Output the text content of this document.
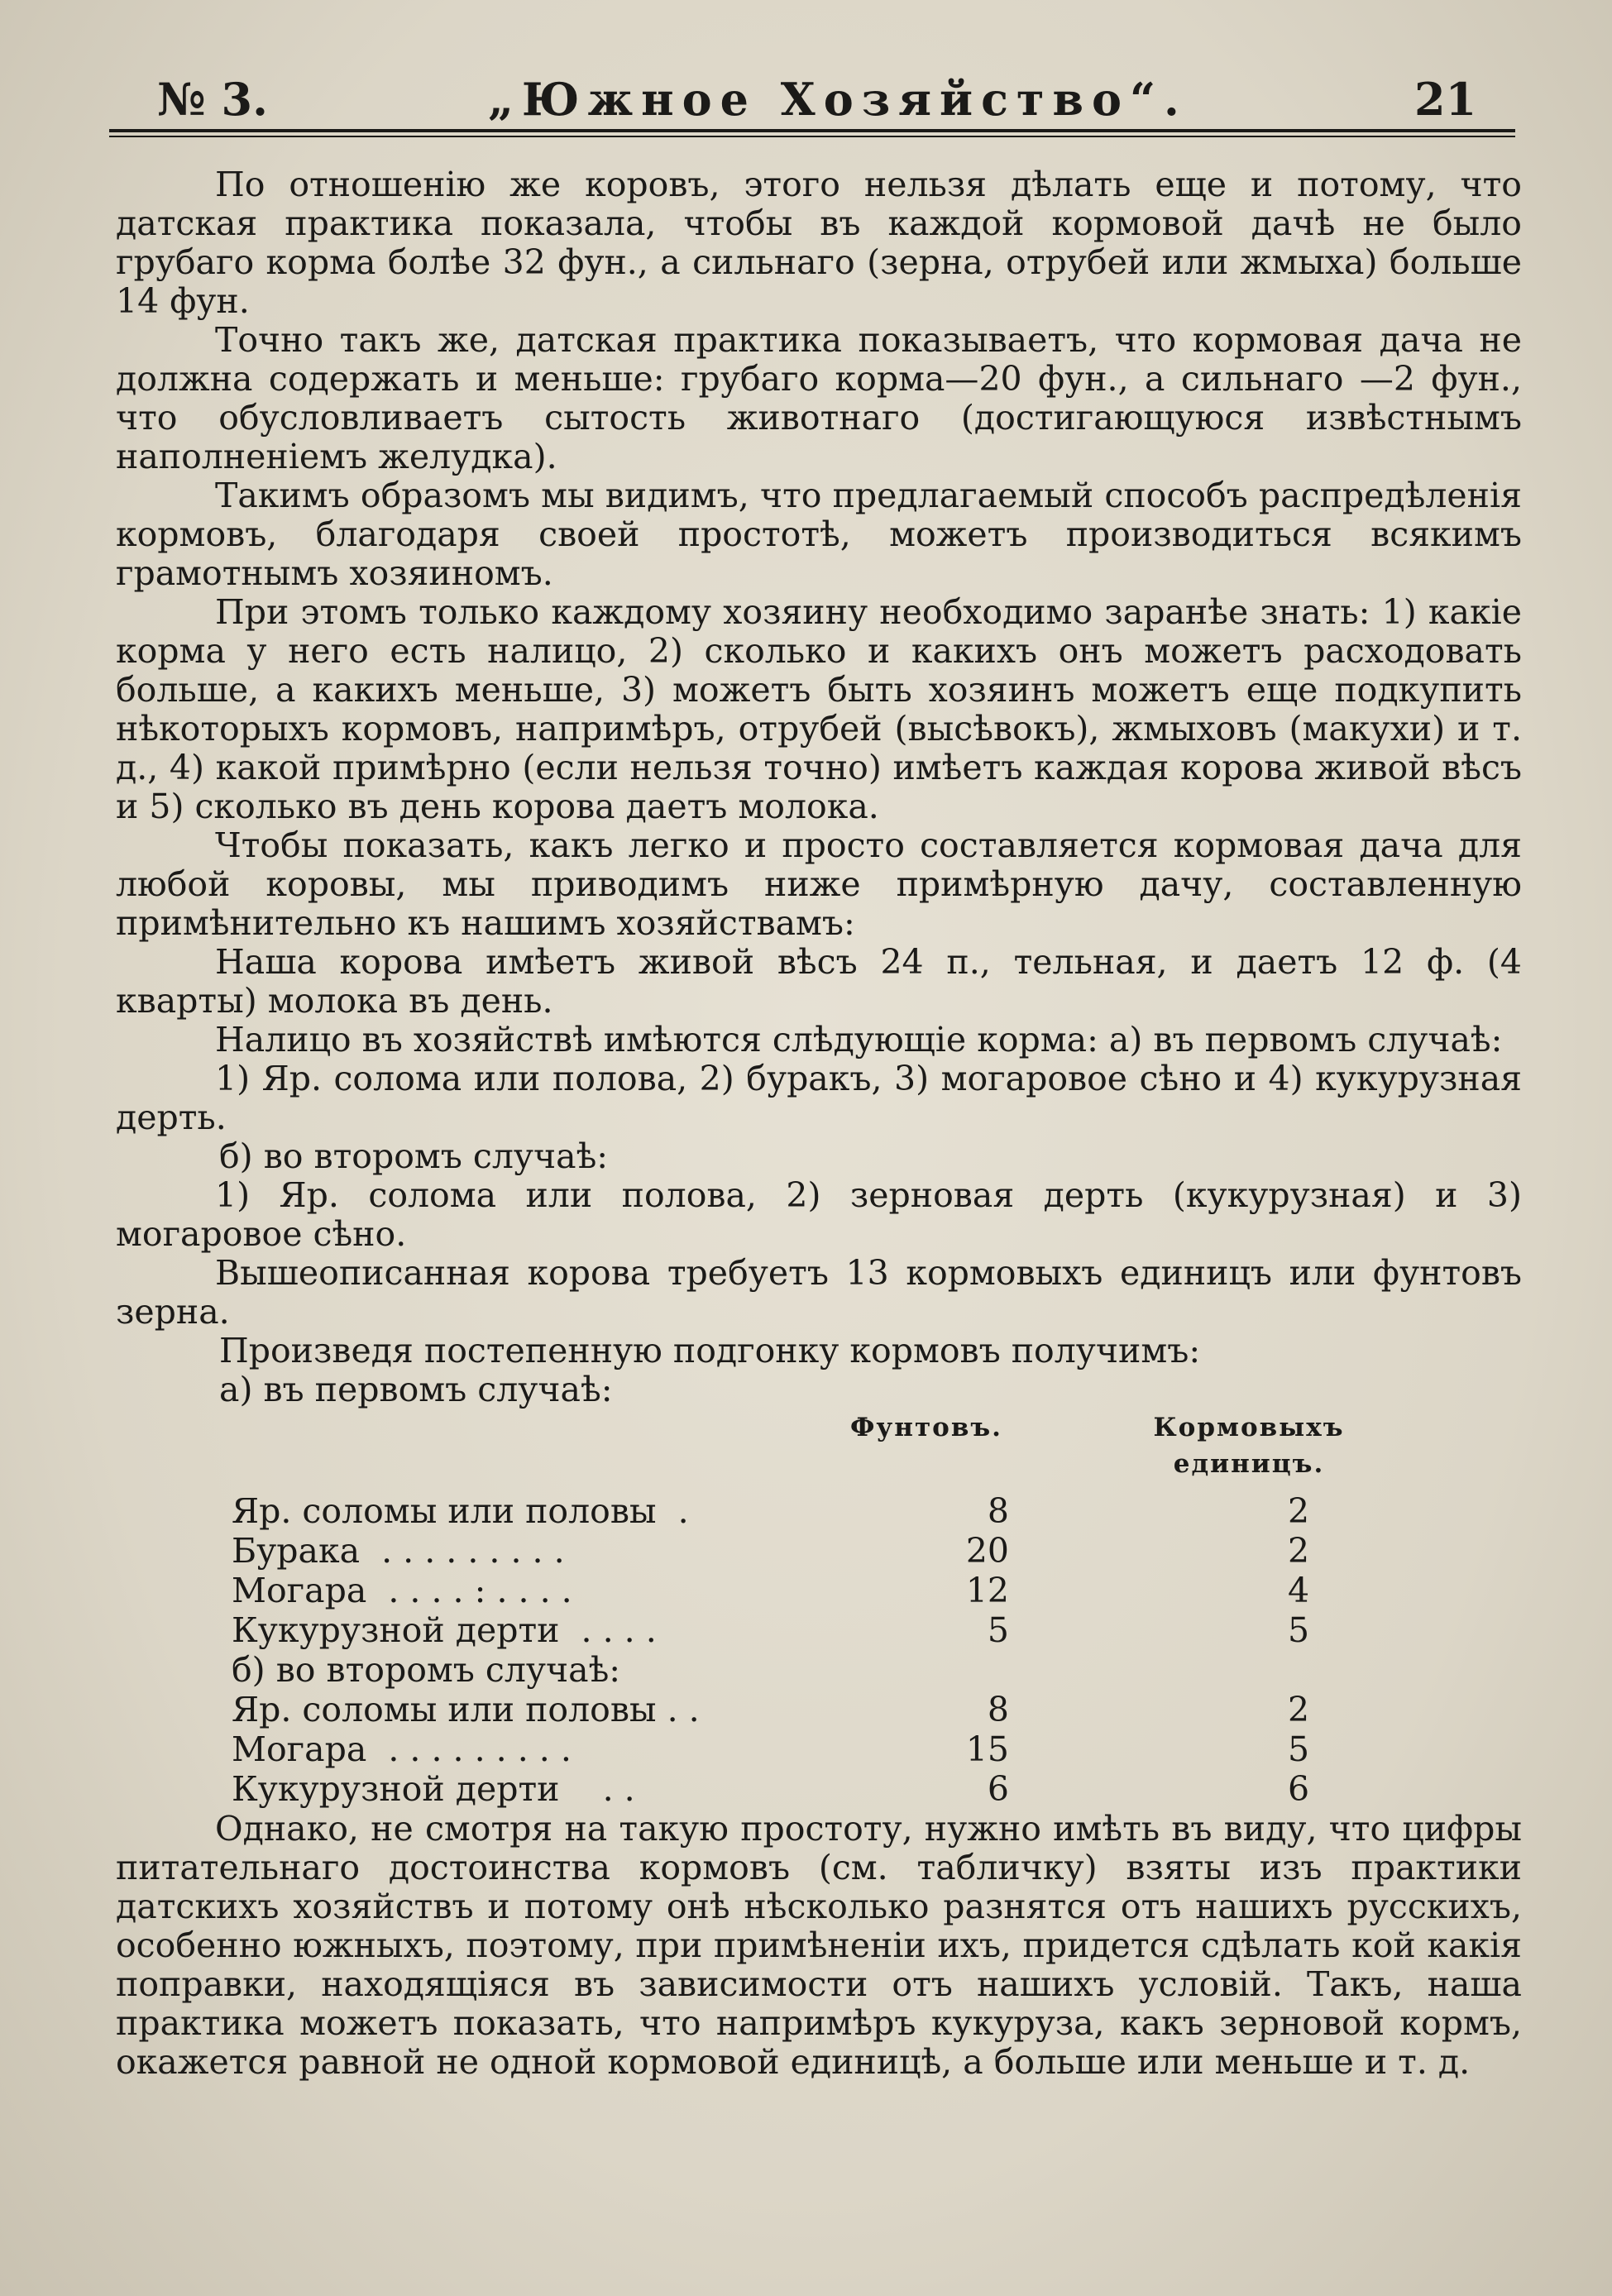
№ 3.	„Южное Хозяйство“.	21

По отношенію же коровъ, этого нельзя дѣлать еще и потому, что датская практика показала, чтобы въ каждой кормовой дачѣ не было грубаго корма болѣе 32 фун., а сильнаго (зерна, отрубей или жмыха) больше 14 фун.

Точно такъ же, датская практика показываетъ, что кормовая дача не должна содержать и меньше: грубаго корма—20 фун., а сильнаго —2 фун., что обусловливаетъ сытость животнаго (достигающуюся извѣстнымъ наполненіемъ желудка).

Такимъ образомъ мы видимъ, что предлагаемый способъ распредѣленія кормовъ, благодаря своей простотѣ, можетъ производиться всякимъ грамотнымъ хозяиномъ.

При этомъ только каждому хозяину необходимо заранѣе знать: 1) какіе корма у него есть налицо, 2) сколько и какихъ онъ можетъ расходовать больше, а какихъ меньше, 3) можетъ быть хозяинъ можетъ еще подкупить нѣкоторыхъ кормовъ, напримѣръ, отрубей (высѣвокъ), жмыховъ (макухи) и т. д., 4) какой примѣрно (если нельзя точно) имѣетъ каждая корова живой вѣсъ и 5) сколько въ день корова даетъ молока.

Чтобы показать, какъ легко и просто составляется кормовая дача для любой коровы, мы приводимъ ниже примѣрную дачу, составленную примѣнительно къ нашимъ хозяйствамъ:

Наша корова имѣетъ живой вѣсъ 24 п., тельная, и даетъ 12 ф. (4 кварты) молока въ день.

Налицо въ хозяйствѣ имѣются слѣдующіе корма: а) въ первомъ случаѣ:

1) Яр. солома или полова, 2) буракъ, 3) могаровое сѣно и 4) кукурузная дерть.

б) во второмъ случаѣ:

1) Яр. солома или полова, 2) зерновая дерть (кукурузная) и 3) могаровое сѣно.

Вышеописанная корова требуетъ 13 кормовыхъ единицъ или фунтовъ зерна.

Произведя постепенную подгонку кормовъ получимъ:

а) въ первомъ случаѣ:

Фунтовъ.	Кормовыхъ единицъ.
Яр. соломы или половы  .	8	2
Бурака  . . . . . . . . .	20	2
Могара  . . . . : . . . .	12	4
Кукурузной дерти  . . . .	5	5
б) во второмъ случаѣ:
Яр. соломы или половы . .	8	2
Могара  . . . . . . . . .	15	5
Кукурузной дерти    . .	6	6

Однако, не смотря на такую простоту, нужно имѣть въ виду, что цифры питательнаго достоинства кормовъ (см. табличку) взяты изъ практики датскихъ хозяйствъ и потому онѣ нѣсколько разнятся отъ нашихъ русскихъ, особенно южныхъ, поэтому, при примѣненіи ихъ, придется сдѣлать кой какія поправки, находящіяся въ зависимости отъ нашихъ условій. Такъ, наша практика можетъ показать, что напримѣръ кукуруза, какъ зерновой кормъ, окажется равной не одной кормовой единицѣ, а больше или меньше и т. д.
